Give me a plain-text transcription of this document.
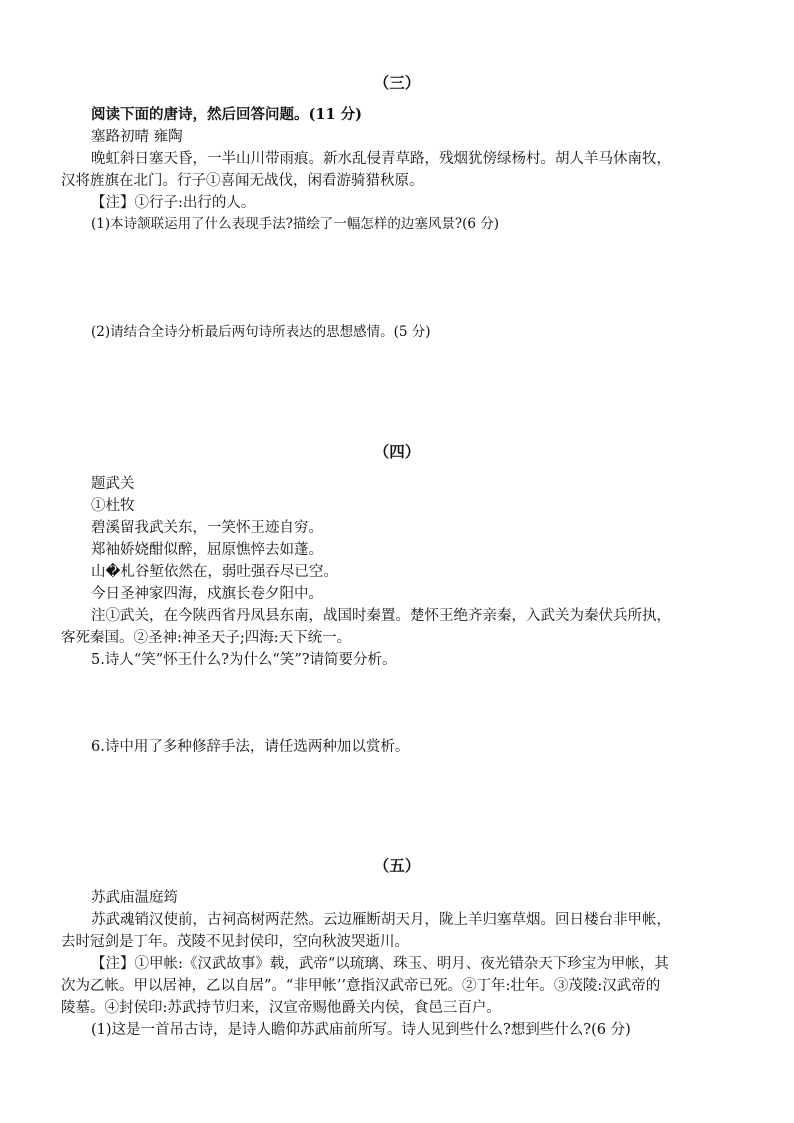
（三）
阅读下面的唐诗，然后回答问题。(11 分)
塞路初晴 雍陶
晚虹斜日塞天昏，一半山川带雨痕。新水乱侵青草路，残烟犹傍绿杨村。胡人羊马休南牧，
汉将旌旗在北门。行子①喜闻无战伐，闲看游骑猎秋原。
【注】①行子:出行的人。
(1)本诗颔联运用了什么表现手法?描绘了一幅怎样的边塞风景?(6 分)
(2)请结合全诗分析最后两句诗所表达的思想感情。(5 分)
（四）
题武关
①杜牧
碧溪留我武关东，一笑怀王迹自穷。
郑袖娇娆酣似醉，屈原憔悴去如蓬。
山�札谷堑依然在，弱吐强吞尽已空。
今日圣神家四海，戍旗长卷夕阳中。
注①武关，在今陕西省丹凤县东南，战国时秦置。楚怀王绝齐亲秦，入武关为秦伏兵所执，
客死秦国。②圣神:神圣天子;四海:天下统一。
5.诗人“笑”怀王什么?为什么“笑”?请简要分析。
6.诗中用了多种修辞手法，请任选两种加以赏析。
（五）
苏武庙温庭筠
苏武魂销汉使前，古祠高树两茫然。云边雁断胡天月，陇上羊归塞草烟。回日楼台非甲帐，
去时冠剑是丁年。茂陵不见封侯印，空向秋波哭逝川。
【注】①甲帐:《汉武故事》载，武帝“以琉璃、珠玉、明月、夜光错杂天下珍宝为甲帐，其
次为乙帐。甲以居神，乙以自居”。“非甲帐’’意指汉武帝已死。②丁年:壮年。③茂陵:汉武帝的
陵墓。④封侯印:苏武持节归来，汉宣帝赐他爵关内侯，食邑三百户。
(1)这是一首吊古诗，是诗人瞻仰苏武庙前所写。诗人见到些什么?想到些什么?(6 分)
